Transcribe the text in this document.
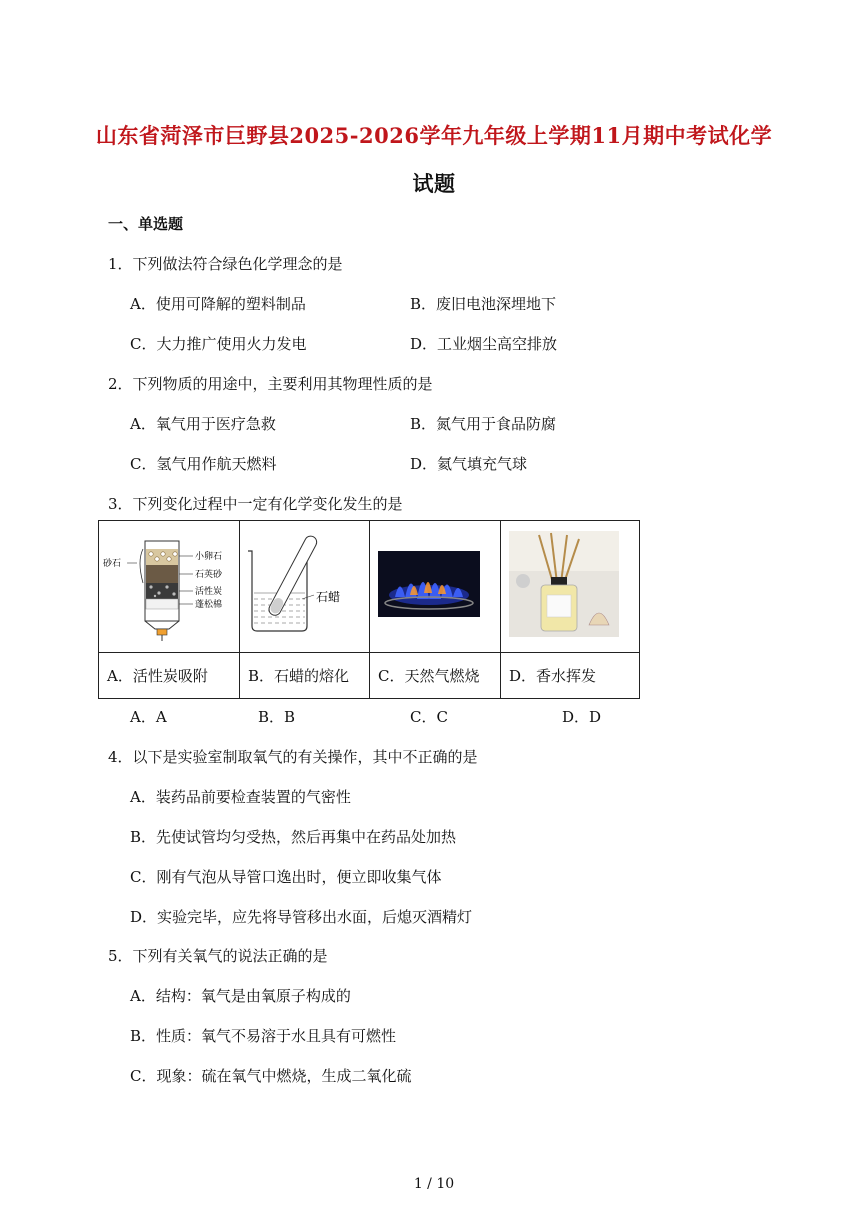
山东省菏泽市巨野县2025-2026学年九年级上学期11月期中考试化学
试题
一、单选题
1．下列做法符合绿色化学理念的是
A．使用可降解的塑料制品	B．废旧电池深埋地下
C．大力推广使用火力发电	D．工业烟尘高空排放
2．下列物质的用途中，主要利用其物理性质的是
A．氧气用于医疗急救	B．氮气用于食品防腐
C．氢气用作航天燃料	D．氦气填充气球
3．下列变化过程中一定有化学变化发生的是
砂石
小卵石
石英砂
活性炭
蓬松棉	石蜡

A．活性炭吸附	B．石蜡的熔化	C．天然气燃烧	D．香水挥发
A．A	B．B	C．C	D．D
4．以下是实验室制取氧气的有关操作，其中不正确的是
A．装药品前要检查装置的气密性
B．先使试管均匀受热，然后再集中在药品处加热
C．刚有气泡从导管口逸出时，便立即收集气体
D．实验完毕，应先将导管移出水面，后熄灭酒精灯
5．下列有关氧气的说法正确的是
A．结构：氧气是由氧原子构成的
B．性质：氧气不易溶于水且具有可燃性
C．现象：硫在氧气中燃烧，生成二氧化硫
1 / 10
